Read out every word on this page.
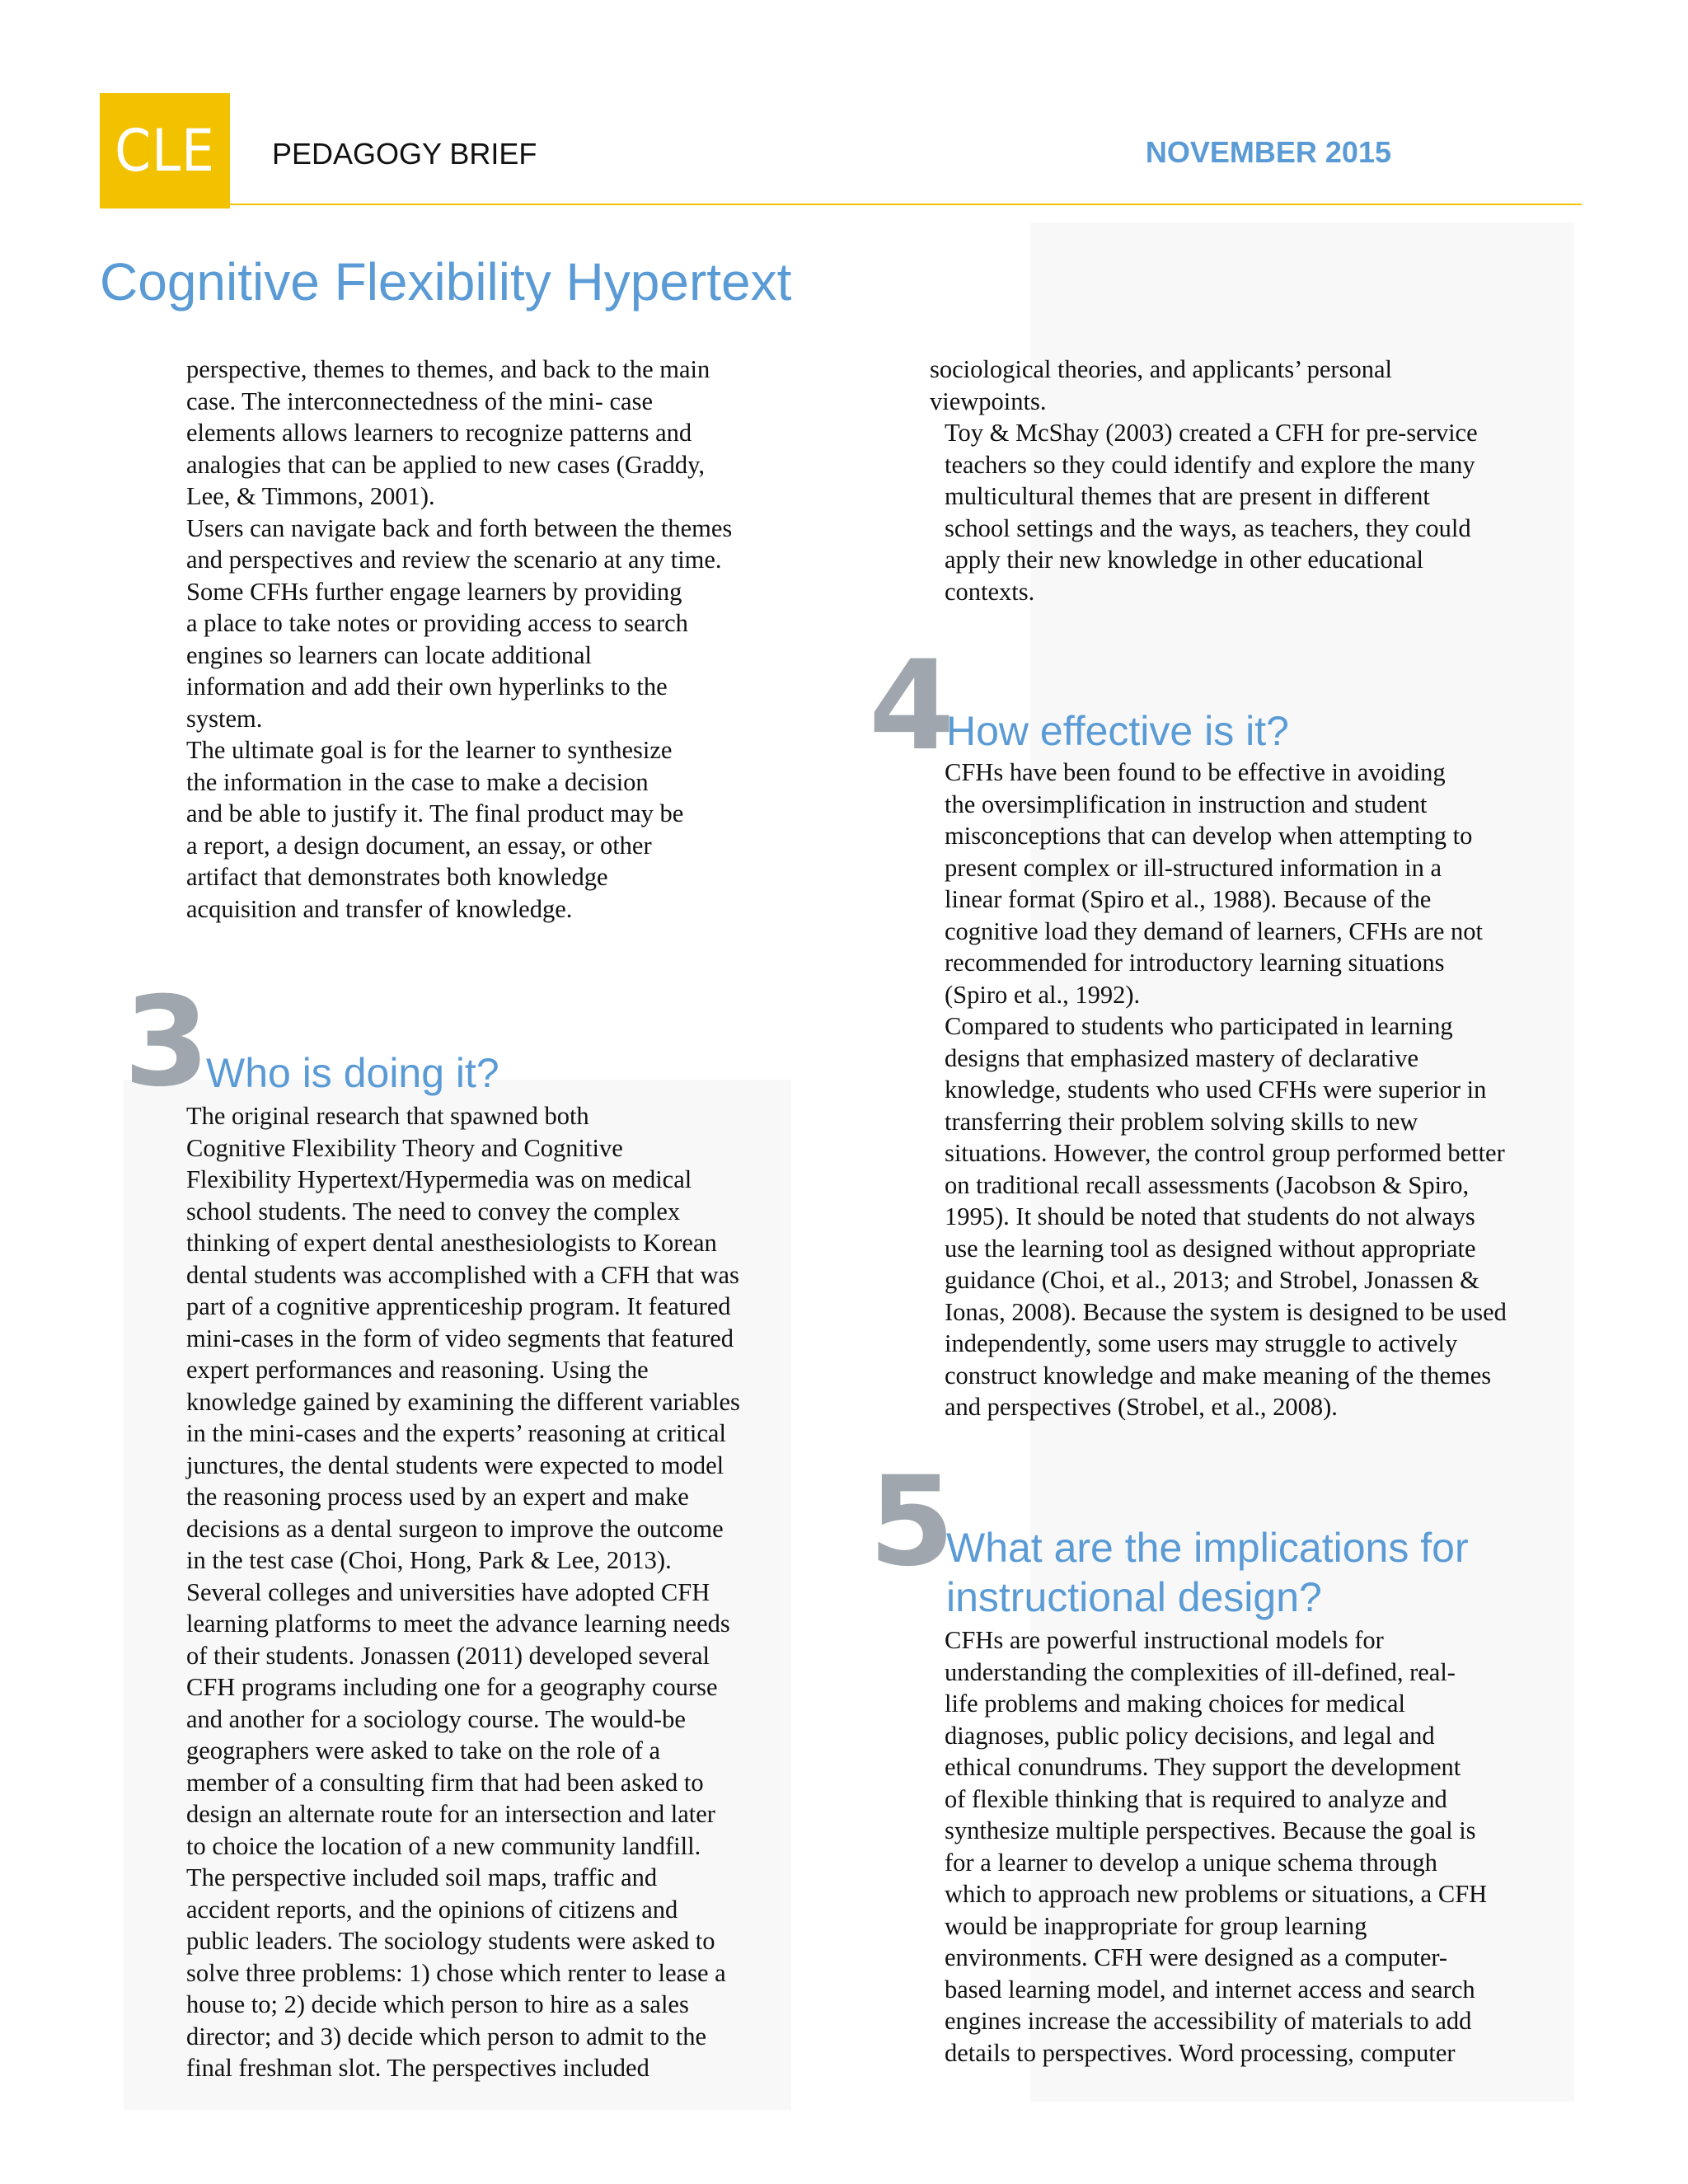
CLE	PEDAGOGY BRIEF	NOVEMBER 2015
Cognitive Flexibility Hypertext

perspective, themes to themes, and back to the main

case. The interconnectedness of the mini- case

elements allows learners to recognize patterns and

analogies that can be applied to new cases (Graddy,

Lee, & Timmons, 2001).

Users can navigate back and forth between the themes

and perspectives and review the scenario at any time.

Some CFHs further engage learners by providing

a place to take notes or providing access to search

engines so learners can locate additional

information and add their own hyperlinks to the

system.

The ultimate goal is for the learner to synthesize

the information in the case to make a decision

and be able to justify it. The final product may be

a report, a design document, an essay, or other

artifact that demonstrates both knowledge

acquisition and transfer of knowledge.

3
Who is doing it?

The original research that spawned both

Cognitive Flexibility Theory and Cognitive

Flexibility Hypertext/Hypermedia was on medical

school students. The need to convey the complex

thinking of expert dental anesthesiologists to Korean

dental students was accomplished with a CFH that was

part of a cognitive apprenticeship program. It featured

mini-cases in the form of video segments that featured

expert performances and reasoning. Using the

knowledge gained by examining the different variables

in the mini-cases and the experts’ reasoning at critical

junctures, the dental students were expected to model

the reasoning process used by an expert and make

decisions as a dental surgeon to improve the outcome

in the test case (Choi, Hong, Park & Lee, 2013).

Several colleges and universities have adopted CFH

learning platforms to meet the advance learning needs

of their students. Jonassen (2011) developed several

CFH programs including one for a geography course

and another for a sociology course. The would-be

geographers were asked to take on the role of a

member of a consulting firm that had been asked to

design an alternate route for an intersection and later

to choice the location of a new community landfill.

The perspective included soil maps, traffic and

accident reports, and the opinions of citizens and

public leaders. The sociology students were asked to

solve three problems: 1) chose which renter to lease a

house to; 2) decide which person to hire as a sales

director; and 3) decide which person to admit to the

final freshman slot. The perspectives included

sociological theories, and applicants’ personal

viewpoints.

Toy & McShay (2003) created a CFH for pre-service

teachers so they could identify and explore the many

multicultural themes that are present in different

school settings and the ways, as teachers, they could

apply their new knowledge in other educational

contexts.

4
How effective is it?

CFHs have been found to be effective in avoiding

the oversimplification in instruction and student

misconceptions that can develop when attempting to

present complex or ill-structured information in a

linear format (Spiro et al., 1988). Because of the

cognitive load they demand of learners, CFHs are not

recommended for introductory learning situations

(Spiro et al., 1992).

Compared to students who participated in learning

designs that emphasized mastery of declarative

knowledge, students who used CFHs were superior in

transferring their problem solving skills to new

situations. However, the control group performed better

on traditional recall assessments (Jacobson & Spiro,

1995). It should be noted that students do not always

use the learning tool as designed without appropriate

guidance (Choi, et al., 2013; and Strobel, Jonassen &

Ionas, 2008). Because the system is designed to be used

independently, some users may struggle to actively

construct knowledge and make meaning of the themes

and perspectives (Strobel, et al., 2008).

5
What are the implications for
instructional design?

CFHs are powerful instructional models for

understanding the complexities of ill-defined, real-

life problems and making choices for medical

diagnoses, public policy decisions, and legal and

ethical conundrums. They support the development

of flexible thinking that is required to analyze and

synthesize multiple perspectives. Because the goal is

for a learner to develop a unique schema through

which to approach new problems or situations, a CFH

would be inappropriate for group learning

environments. CFH were designed as a computer-

based learning model, and internet access and search

engines increase the accessibility of materials to add

details to perspectives. Word processing, computer
